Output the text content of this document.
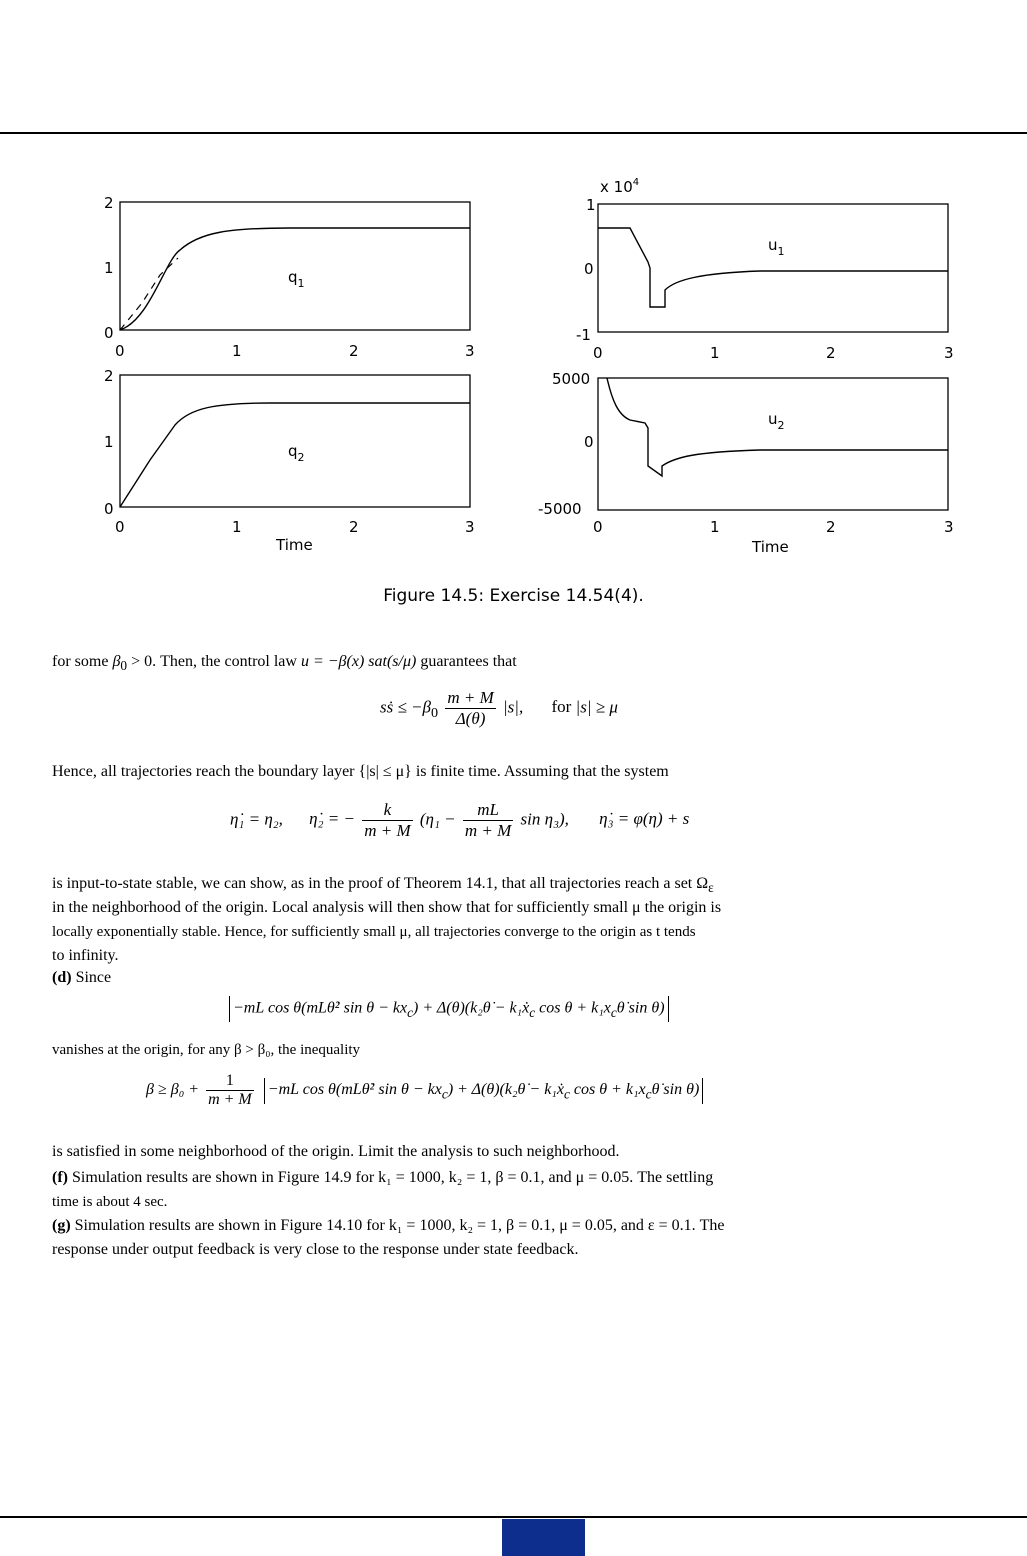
0
1
2
0	1	2	3
$q_1$
0
1
2
0	1	2	3
$q_2$
Time
x $10^4$
1
0
-1
0	1	2	3
$u_1$
5000
0
-5000
0	1	2	3
$u_2$
Time
Figure 14.5: Exercise 14.54(4).
for some $\beta_0 > 0$. Then, the control law u = −β(x) sat(s/μ) guarantees that
sṡ ≤ $-\beta_0 \frac{m + M}{\Delta(\theta)} |s|$, for |s| ≥ μ
Hence, all trajectories reach the boundary layer {|s| ≤ μ} is finite time. Assuming that the system
η̇₁ = η₂, η̇₂ = − $\frac{k}{m + M} (\eta_1 - \frac{mL}{m + M}$ sin η₃), η̇₃ = φ(η) + s
is input-to-state stable, we can show, as in the proof of Theorem 14.1, that all trajectories reach a set $\Omega_\varepsilon$
in the neighborhood of the origin. Local analysis will then show that for sufficiently small μ the origin is
locally exponentially stable. Hence, for sufficiently small μ, all trajectories converge to the origin as t tends
to infinity.
(d) Since
−mL cos θ(mLθ̇² $\sin \theta - kx_c$) + Δ(θ)(k₂θ̇ − $k_1ẋ_c$ $\cos \theta + k_1x_c\thetȧ$ sin θ)
vanishes at the origin, for any β > β₀, the inequality
$\beta \ge \beta_0 + \frac{1}{m + M} -mL$ cos θ(mLθ̇² $\sin \theta - kx_c$) + Δ(θ)(k₂θ̇ − $k_1ẋ_c$ $\cos \theta + k_1x_c\thetȧ$ sin θ)
is satisfied in some neighborhood of the origin. Limit the analysis to such neighborhood.
(f) Simulation results are shown in Figure 14.9 for k₁ = 1000, k₂ = 1, β = 0.1, and μ = 0.05. The settling
time is about 4 sec.
(g) Simulation results are shown in Figure 14.10 for k₁ = 1000, k₂ = 1, β = 0.1, μ = 0.05, and ε = 0.1. The
response under output feedback is very close to the response under state feedback.
